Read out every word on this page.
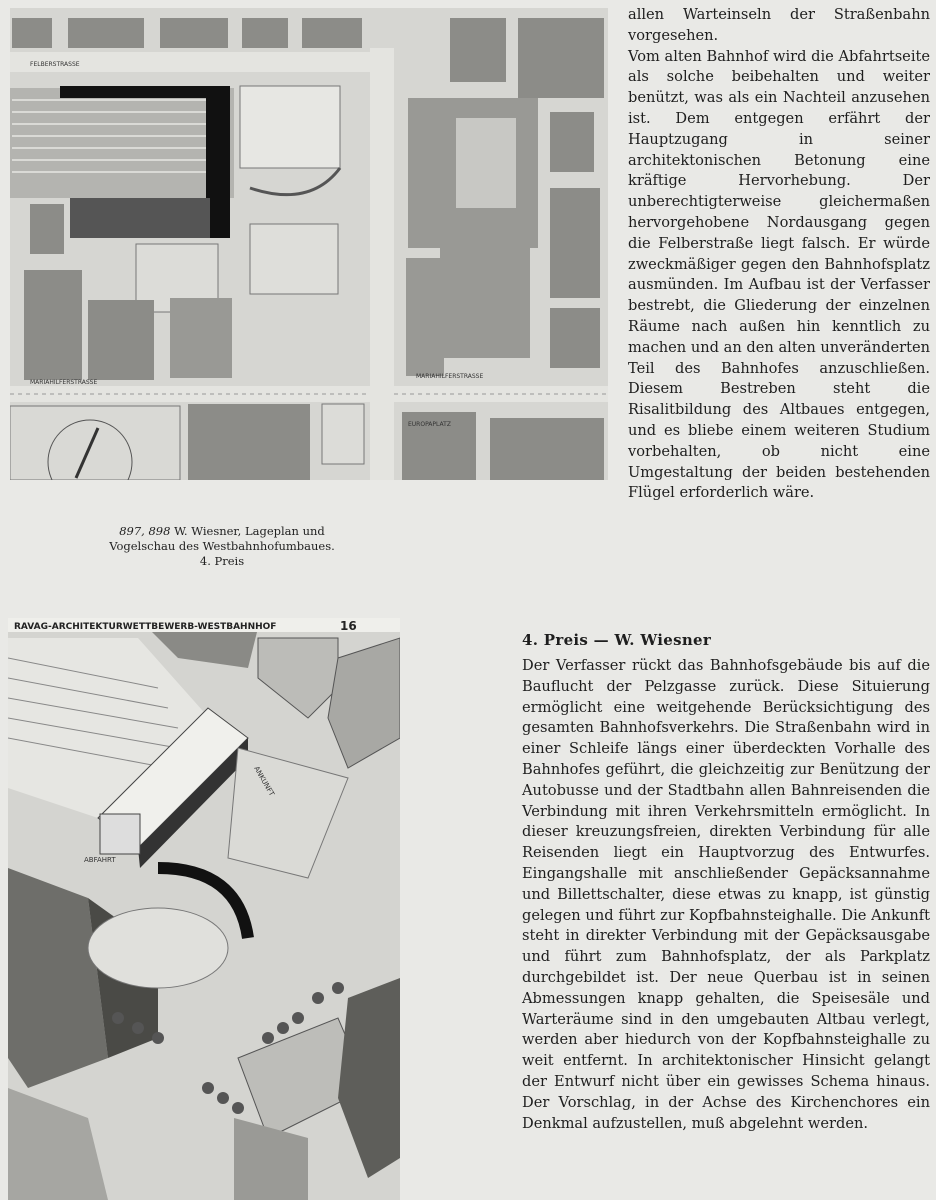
FELBERSTRASSE
MARIAHILFERSTRASSE
MARIAHILFERSTRASSE
EUROPAPLATZ
897, 898 W. Wiesner, Lageplan und
Vogelschau des Westbahnhofumbaues.
4. Preis
RAVAG-ARCHITEKTURWETTBEWERB-WESTBAHNHOF	16
ANKUNFT
ABFAHRT

allen Warteinseln der Straßenbahn vorgesehen.

Vom alten Bahnhof wird die Abfahrtseite als solche beibehalten und weiter benützt, was als ein Nachteil anzusehen ist. Dem entgegen erfährt der Hauptzugang in seiner architektonischen Betonung eine kräftige Hervorhebung. Der unberechtigterweise gleichermaßen hervorgehobene Nordausgang gegen die Felberstraße liegt falsch. Er würde zweckmäßiger gegen den Bahnhofsplatz ausmünden. Im Aufbau ist der Verfasser bestrebt, die Gliederung der einzelnen Räume nach außen hin kenntlich zu machen und an den alten unveränderten Teil des Bahnhofes anzuschließen. Diesem Bestreben steht die Risalitbildung des Altbaues entgegen, und es bliebe einem weiteren Studium vorbehalten, ob nicht eine Umgestaltung der beiden bestehenden Flügel erforderlich wäre.

4. Preis — W. Wiesner

Der Verfasser rückt das Bahnhofsgebäude bis auf die Bauflucht der Pelzgasse zurück. Diese Situierung ermöglicht eine weitgehende Berücksichtigung des gesamten Bahnhofsverkehrs. Die Straßenbahn wird in einer Schleife längs einer überdeckten Vorhalle des Bahnhofes geführt, die gleichzeitig zur Benützung der Autobusse und der Stadtbahn allen Bahnreisenden die Verbindung mit ihren Verkehrsmitteln ermöglicht. In dieser kreuzungsfreien, direkten Verbindung für alle Reisenden liegt ein Hauptvorzug des Entwurfes. Eingangshalle mit anschließender Gepäcksannahme und Billettschalter, diese etwas zu knapp, ist günstig gelegen und führt zur Kopfbahnsteighalle. Die Ankunft steht in direkter Verbindung mit der Gepäcksausgabe und führt zum Bahnhofsplatz, der als Parkplatz durchgebildet ist. Der neue Querbau ist in seinen Abmessungen knapp gehalten, die Speisesäle und Warteräume sind in den umgebauten Altbau verlegt, werden aber hiedurch von der Kopfbahnsteighalle zu weit entfernt. In architektonischer Hinsicht gelangt der Entwurf nicht über ein gewisses Schema hinaus. Der Vorschlag, in der Achse des Kirchenchores ein Denkmal aufzustellen, muß abgelehnt werden.
